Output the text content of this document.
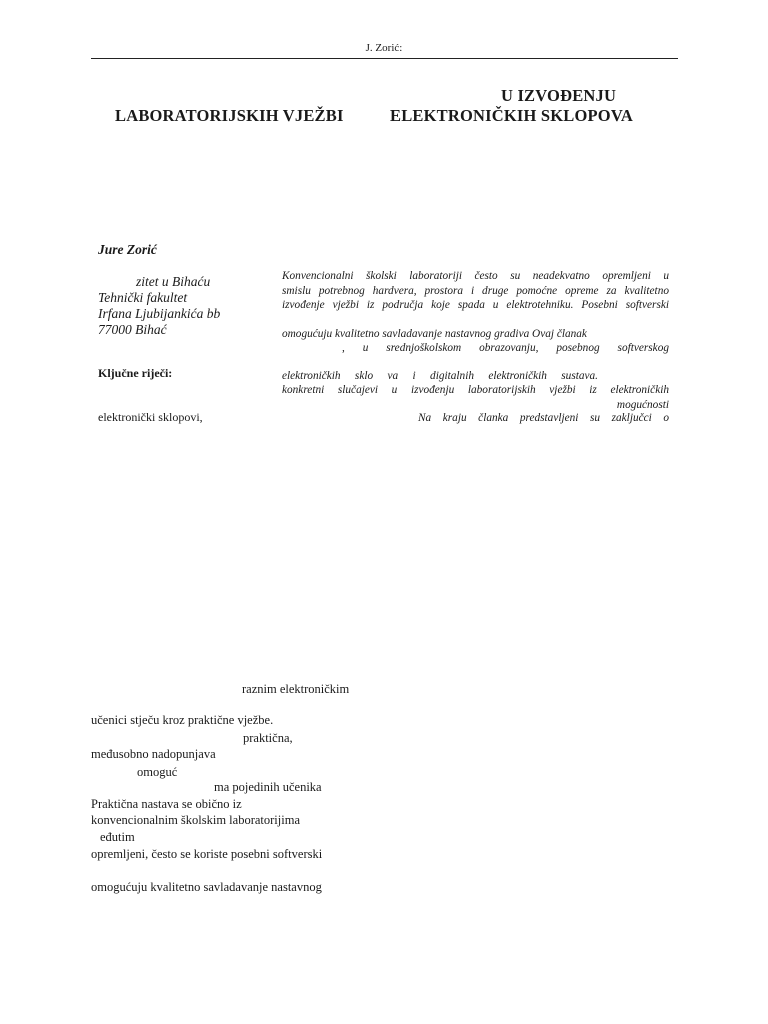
J. Zorić:
U IZVOĐENJU
LABORATORIJSKIH VJEŽBI	ELEKTRONIČKIH SKLOPOVA
Jure Zorić
zitet u Bihaću
Tehnički fakultet
Irfana Ljubijankića bb
77000 Bihać
Ključne riječi:
elektronički sklopovi,
Konvencionalni školski laboratoriji često su neadekvatno opremljeni u
smislu potrebnog hardvera, prostora i druge pomoćne opreme za kvalitetno
izvođenje vježbi iz područja koje spada u elektrotehniku. Posebni softverski
omogućuju kvalitetno savladavanje nastavnog gradiva Ovaj članak
, u srednjoškolskom obrazovanju, posebnog softverskog
elektroničkih sklo va i digitalnih elektroničkih sustava.
konkretni slučajevi u izvođenju laboratorijskih vježbi iz elektroničkih
mogućnosti
Na kraju članka predstavljeni su zaključci o
raznim elektroničkim
učenici stječu kroz praktične vježbe.
praktična,
međusobno nadopunjava
omoguć
ma pojedinih učenika
Praktična nastava se obično iz
konvencionalnim školskim laboratorijima
eđutim
opremljeni, često se koriste posebni softverski
omogućuju kvalitetno savladavanje nastavnog
